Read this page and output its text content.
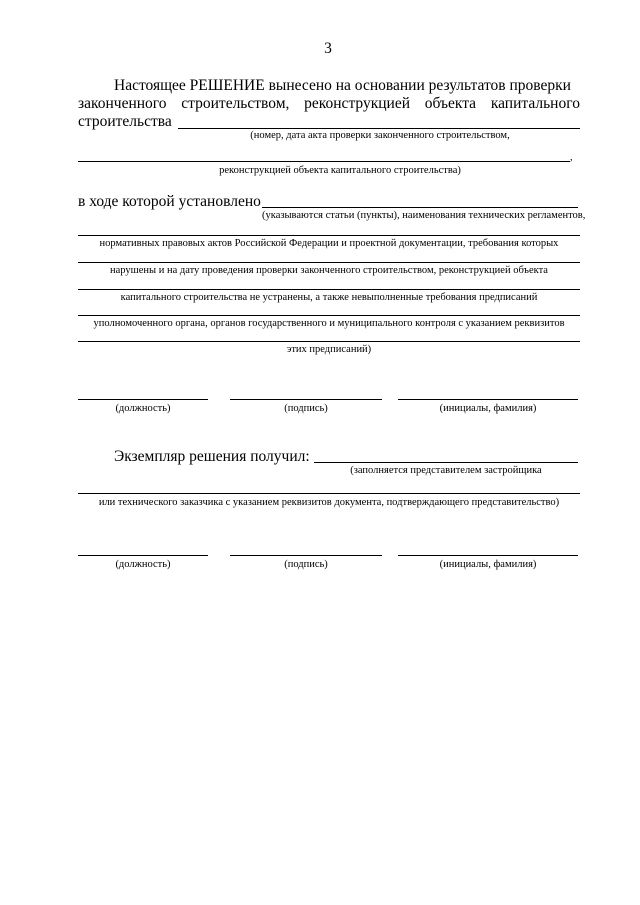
3
Настоящее РЕШЕНИЕ вынесено на основании результатов проверки
законченного строительством, реконструкцией объекта капитального
строительства
(номер, дата акта проверки законченного строительством,
,
реконструкцией объекта капитального строительства)
в ходе которой установлено
(указываются статьи (пункты), наименования технических регламентов,
нормативных правовых актов Российской Федерации и проектной документации, требования которых
нарушены и на дату проведения проверки законченного строительством, реконструкцией объекта
капитального строительства не устранены, а также невыполненные требования предписаний
уполномоченного органа, органов государственного и муниципального контроля с указанием реквизитов
этих предписаний)
(должность)	(подпись)	(инициалы, фамилия)
Экземпляр решения получил:
(заполняется представителем застройщика
или технического заказчика с указанием реквизитов документа, подтверждающего представительство)
(должность)	(подпись)	(инициалы, фамилия)
